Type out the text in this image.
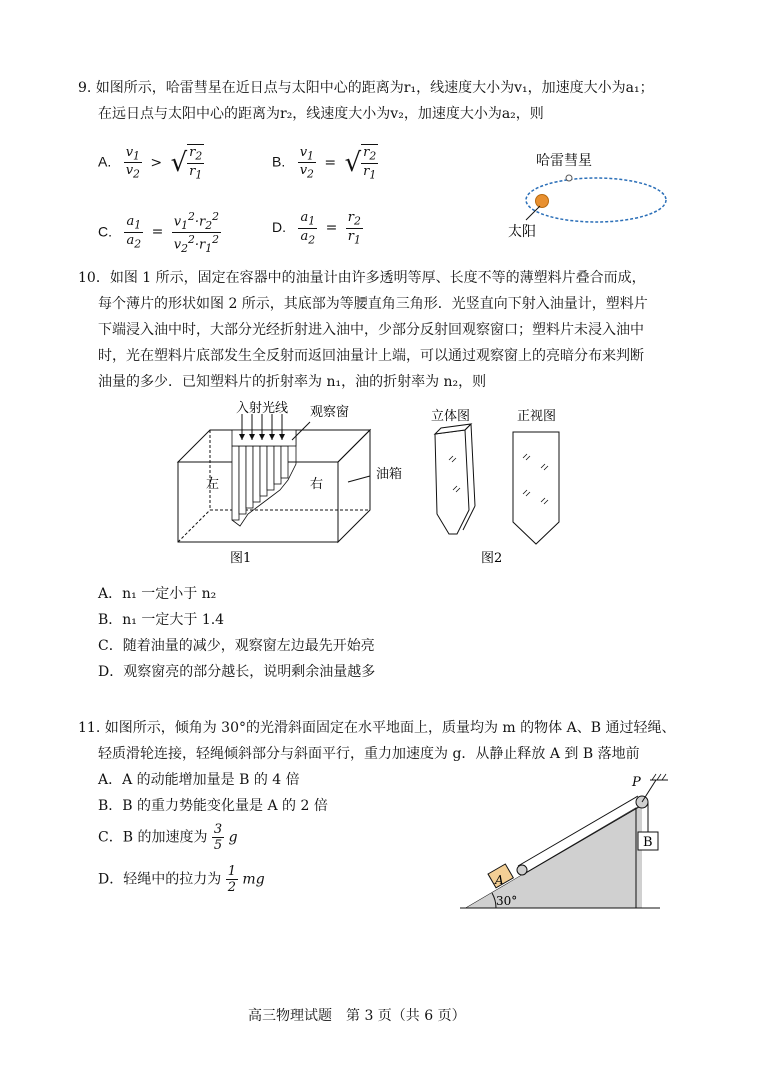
9. 如图所示，哈雷彗星在近日点与太阳中心的距离为r₁，线速度大小为v₁，加速度大小为a₁；
在远日点与太阳中心的距离为r₂，线速度大小为v₂，加速度大小为a₂，则
A. $\frac{v_1}{v_2}$ > √ $\frac{r_2}{r_1}$	B. $\frac{v_1}{v_2}$ = √ $\frac{r_2}{r_1}$
C. $\frac{a_1}{a_2} = \frac{v_1^2\cdot r_2^2}{v_2^2\cdot r_1^2}$	D. $\frac{a_1}{a_2} = \frac{r_2}{r_1}$
哈雷彗星
太阳
10．如图 1 所示，固定在容器中的油量计由许多透明等厚、长度不等的薄塑料片叠合而成，
每个薄片的形状如图 2 所示，其底部为等腰直角三角形．光竖直向下射入油量计，塑料片
下端浸入油中时，大部分光经折射进入油中，少部分反射回观察窗口；塑料片未浸入油中
时，光在塑料片底部发生全反射而返回油量计上端，可以通过观察窗上的亮暗分布来判断
油量的多少．已知塑料片的折射率为 n₁，油的折射率为 n₂，则
入射光线 观察窗
左	右
油箱
图1
立体图	正视图
图2
A．n₁ 一定小于 n₂
B．n₁ 一定大于 1.4
C．随着油量的减少，观察窗左边最先开始亮
D．观察窗亮的部分越长，说明剩余油量越多
11. 如图所示，倾角为 30°的光滑斜面固定在水平地面上，质量均为 m 的物体 A、B 通过轻绳、
轻质滑轮连接，轻绳倾斜部分与斜面平行，重力加速度为 g．从静止释放 A 到 B 落地前
A．A 的动能增加量是 B 的 4 倍
B．B 的重力势能变化量是 A 的 2 倍
C．B 的加速度为 $\frac{3}{5}$ g
D．轻绳中的拉力为 $\frac{1}{2}$ mg
P
B
A
30°
高三物理试题　第 3 页（共 6 页）
